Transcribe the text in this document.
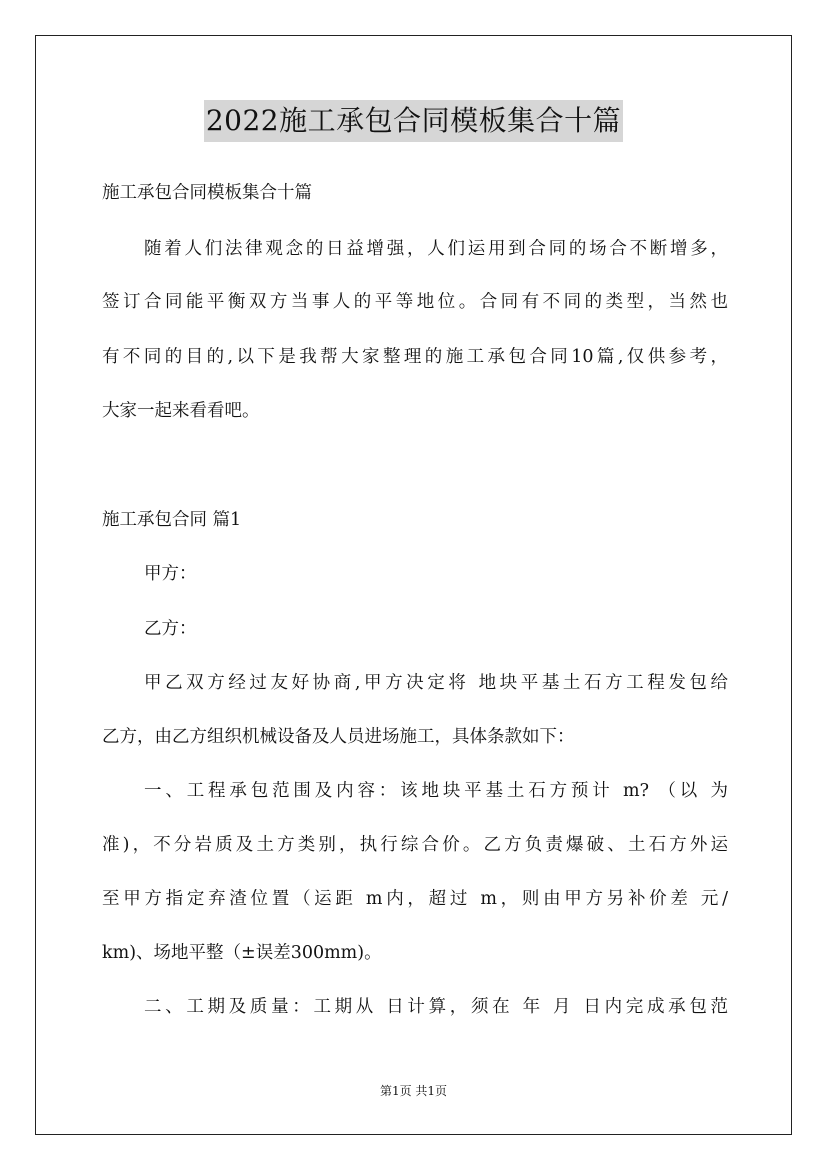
2022施工承包合同模板集合十篇
施工承包合同模板集合十篇
随着人们法律观念的日益增强，人们运用到合同的场合不断增多，
签订合同能平衡双方当事人的平等地位。合同有不同的类型，当然也
有不同的目的,以下是我帮大家整理的施工承包合同10篇,仅供参考，
大家一起来看看吧。
施工承包合同 篇1
甲方：
乙方：
甲乙双方经过友好协商,甲方决定将 地块平基土石方工程发包给
乙方，由乙方组织机械设备及人员进场施工，具体条款如下：
一、工程承包范围及内容：该地块平基土石方预计 m? （以 为
准)，不分岩质及土方类别，执行综合价。乙方负责爆破、土石方外运
至甲方指定弃渣位置（运距 m内，超过 m，则由甲方另补价差 元/
km)、场地平整（±误差300mm)。
二、工期及质量：工期从 日计算，须在 年 月 日内完成承包范
第1页 共1页
